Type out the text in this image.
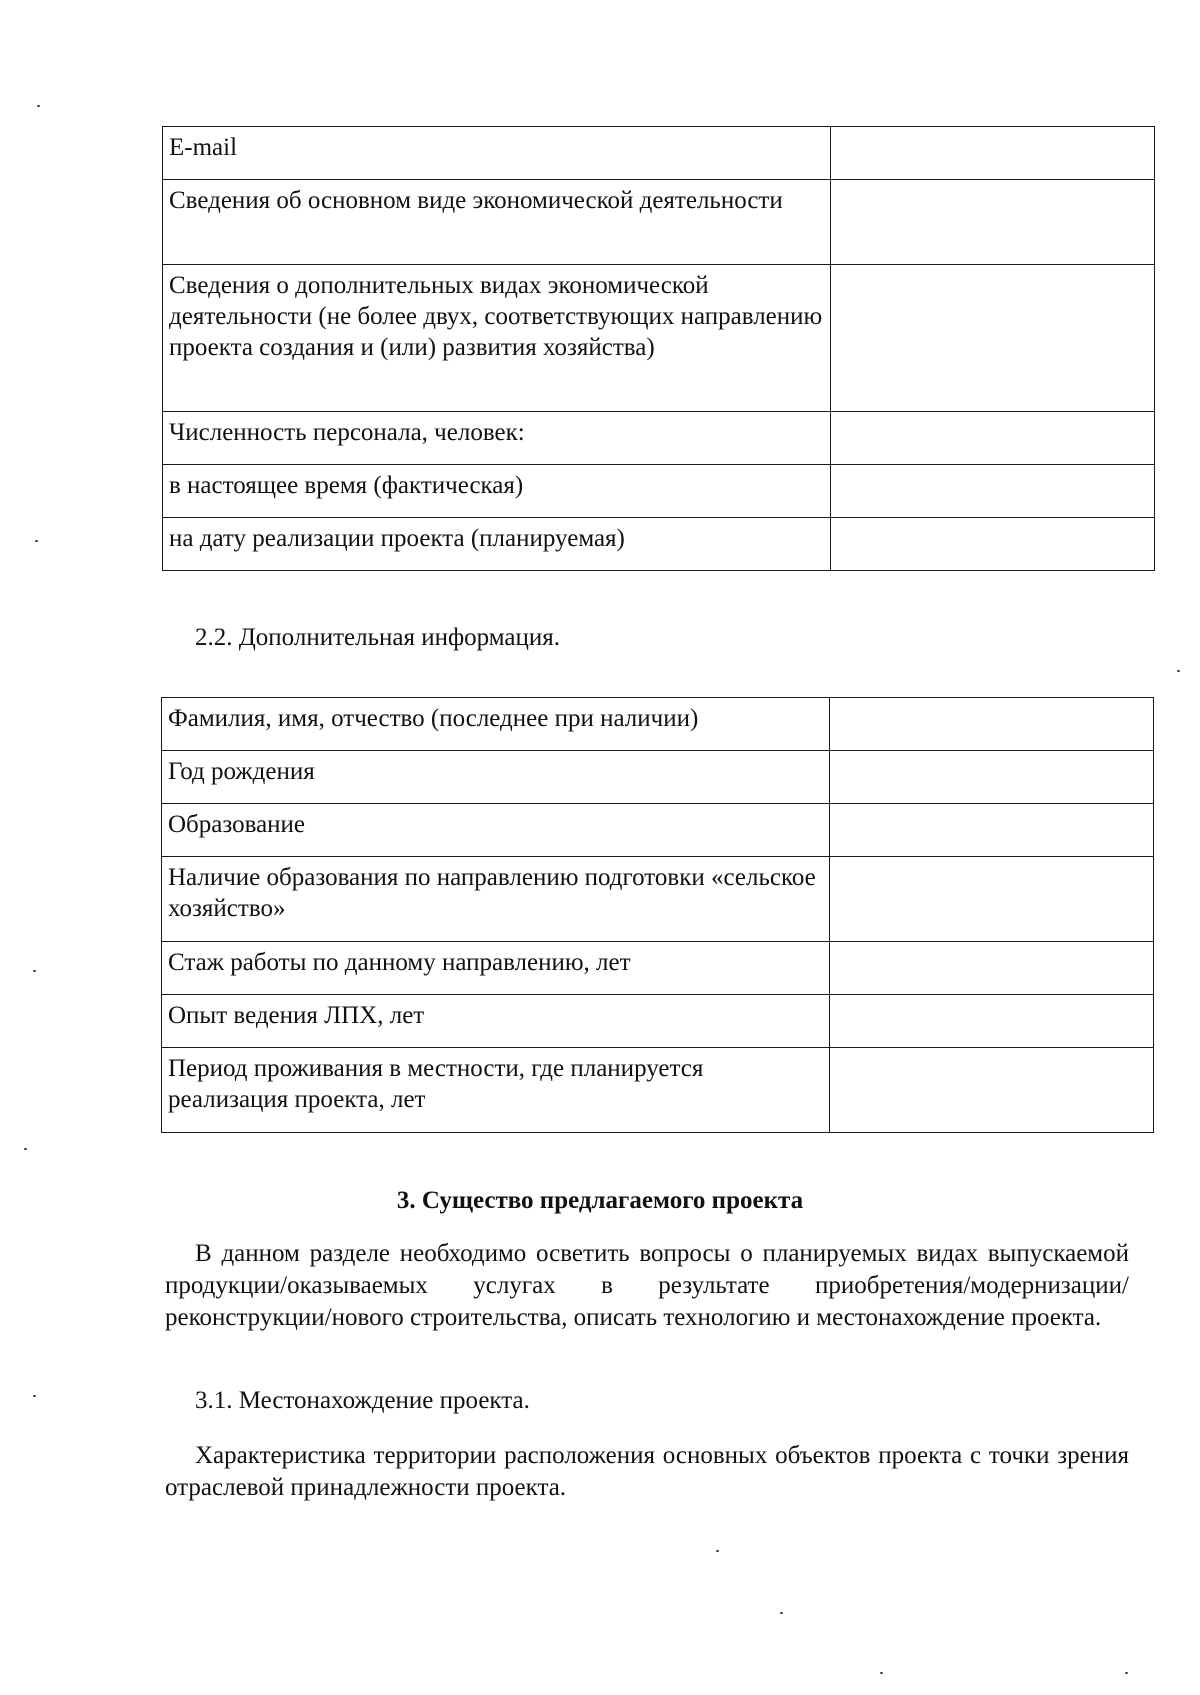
E-mail	
Сведения об основном виде экономической деятельности	
Сведения о дополнительных видах экономической деятельности (не более двух, соответствующих направлению проекта создания и (или) развития хозяйства)	
Численность персонала, человек:	
в настоящее время (фактическая)	
на дату реализации проекта (планируемая)	
2.2. Дополнительная информация.
Фамилия, имя, отчество (последнее при наличии)	
Год рождения	
Образование	
Наличие образования по направлению подготовки «сельское хозяйство»	
Стаж работы по данному направлению, лет	
Опыт ведения ЛПХ, лет	
Период проживания в местности, где планируется реализация проекта, лет	
3. Существо предлагаемого проекта
В данном разделе необходимо осветить вопросы о планируемых видах выпускаемой продукции/оказываемых услугах в результате приобретения/модернизации/реконструкции/нового строительства, описать технологию и местонахождение проекта.
3.1. Местонахождение проекта.
Характеристика территории расположения основных объектов проекта с точки зрения отраслевой принадлежности проекта.
